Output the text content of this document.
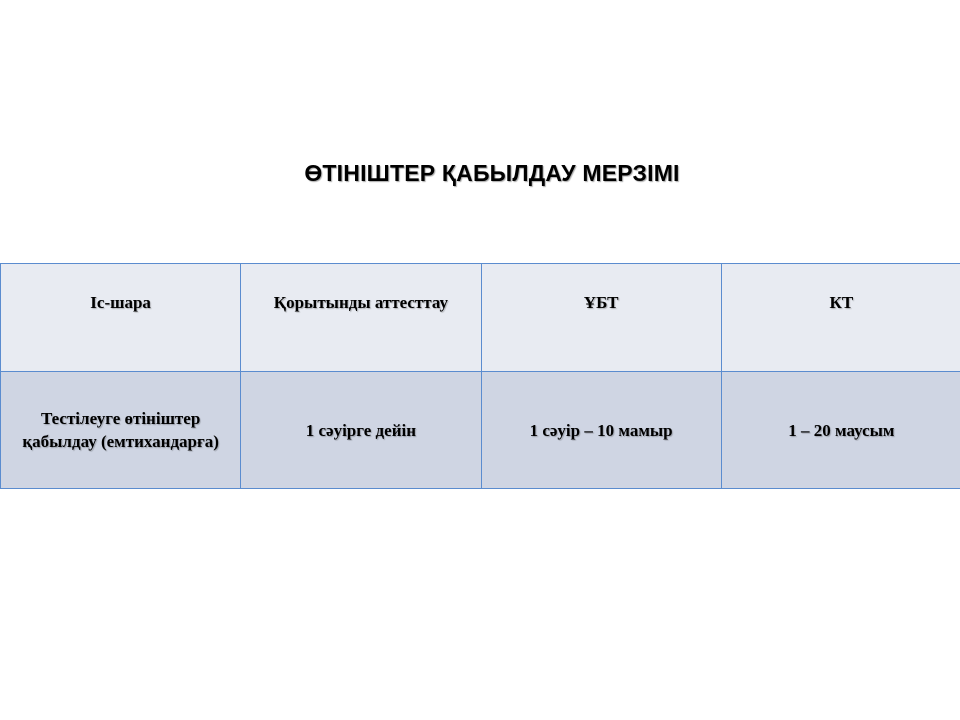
ӨТІНІШТЕР ҚАБЫЛДАУ МЕРЗІМІ
Іс-шара	Қорытынды аттесттау	ҰБТ	КТ
Тестілеуге өтініштер қабылдау (емтихандарға)	1 сәуірге дейін	1 сәуір – 10 мамыр	1 – 20 маусым
